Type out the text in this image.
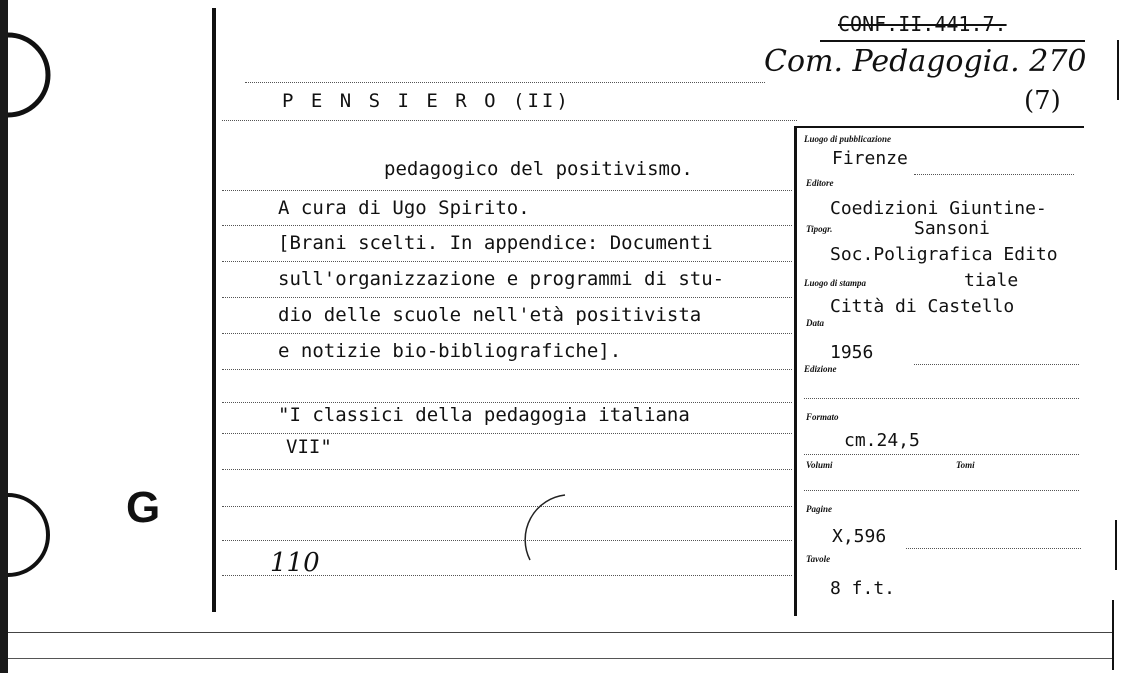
G
CONF.II.441.7.
Com. Pedagogia. 270
(7)
P E N S I E R O (II)
pedagogico del positivismo.
A cura di Ugo Spirito.
[Brani scelti. In appendice: Documenti
sull'organizzazione e programmi di stu-
dio delle scuole nell'età positivista
e notizie bio-bibliografiche].
"I classici della pedagogia italiana
VII"
110
Luogo di pubblicazione
Firenze
Editore
Coedizioni Giuntine-
Sansoni
Tipogr.
Soc.Poligrafica Edito
tiale
Luogo di stampa
Città di Castello
Data
1956
Edizione
Formato
cm.24,5
Volumi	Tomi
Pagine
X,596
Tavole
8 f.t.
